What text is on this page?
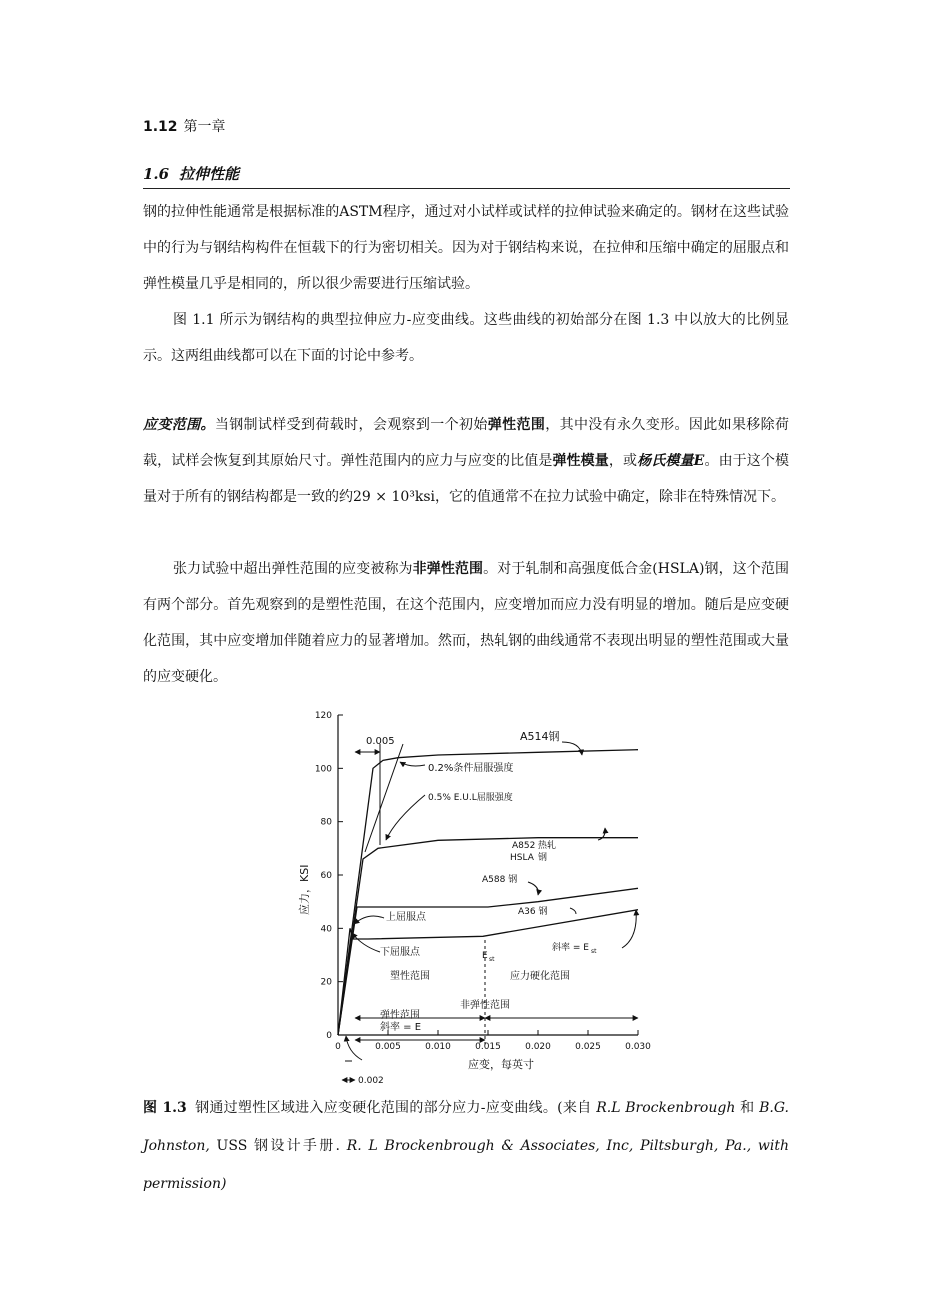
1.12 第一章
1.6 拉伸性能
钢的拉伸性能通常是根据标准的ASTM程序，通过对小试样或试样的拉伸试验来确定的。钢材在这些试验中的行为与钢结构构件在恒载下的行为密切相关。因为对于钢结构来说，在拉伸和压缩中确定的屈服点和弹性模量几乎是相同的，所以很少需要进行压缩试验。
图 1.1 所示为钢结构的典型拉伸应力-应变曲线。这些曲线的初始部分在图 1.3 中以放大的比例显示。这两组曲线都可以在下面的讨论中参考。
应变范围。当钢制试样受到荷载时，会观察到一个初始弹性范围，其中没有永久变形。因此如果移除荷载，试样会恢复到其原始尺寸。弹性范围内的应力与应变的比值是弹性模量，或杨氏模量E。由于这个模量对于所有的钢结构都是一致的约29 × 10³ksi，它的值通常不在拉力试验中确定，除非在特殊情况下。
张力试验中超出弹性范围的应变被称为非弹性范围。对于轧制和高强度低合金(HSLA)钢，这个范围有两个部分。首先观察到的是塑性范围，在这个范围内，应变增加而应力没有明显的增加。随后是应变硬化范围，其中应变增加伴随着应力的显著增加。然而，热轧钢的曲线通常不表现出明显的塑性范围或大量的应变硬化。
0
20
40
60
80
100
120
0	0.005	0.010	0.015	0.020	0.025	0.030
0.005	A514钢
0.2%条件屈服强度
0.5% E.U.L屈服强度
A852 热轧
HSLA 钢
A588 钢
A36 钢
上屈服点
下屈服点	E st
斜率 = E st
塑性范围	应力硬化范围
非弹性范围
弹性范围
斜率 = E
0.002
应变，每英寸
应力，KSI
图 1.3 钢通过塑性区域进入应变硬化范围的部分应力-应变曲线。(来自 R.L Brockenbrough 和 B.G. Johnston, USS 钢设计手册. R. L Brockenbrough & Associates, Inc, Piltsburgh, Pa., with permission)
